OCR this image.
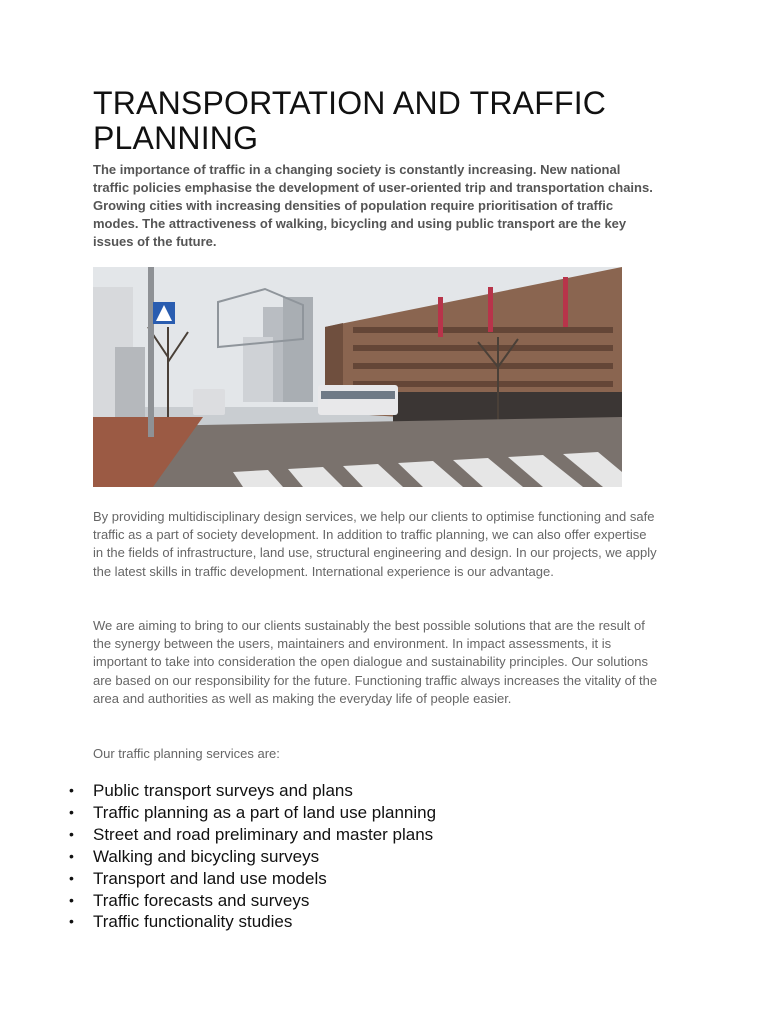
TRANSPORTATION AND TRAFFIC PLANNING

The importance of traffic in a changing society is constantly increasing. New national traffic policies emphasise the development of user-oriented trip and transportation chains. Growing cities with increasing densities of population require prioritisation of traffic modes. The attractiveness of walking, bicycling and using public transport are the key issues of the future.

By providing multidisciplinary design services, we help our clients to optimise functioning and safe traffic as a part of society development. In addition to traffic planning, we can also offer expertise in the fields of infrastructure, land use, structural engineering and design. In our projects, we apply the latest skills in traffic development. International experience is our advantage.

We are aiming to bring to our clients sustainably the best possible solutions that are the result of the synergy between the users, maintainers and environment. In impact assessments, it is important to take into consideration the open dialogue and sustainability principles. Our solutions are based on our responsibility for the future. Functioning traffic always increases the vitality of the area and authorities as well as making the everyday life of people easier.

Our traffic planning services are:

• Public transport surveys and plans
• Traffic planning as a part of land use planning
• Street and road preliminary and master plans
• Walking and bicycling surveys
• Transport and land use models
• Traffic forecasts and surveys
• Traffic functionality studies
